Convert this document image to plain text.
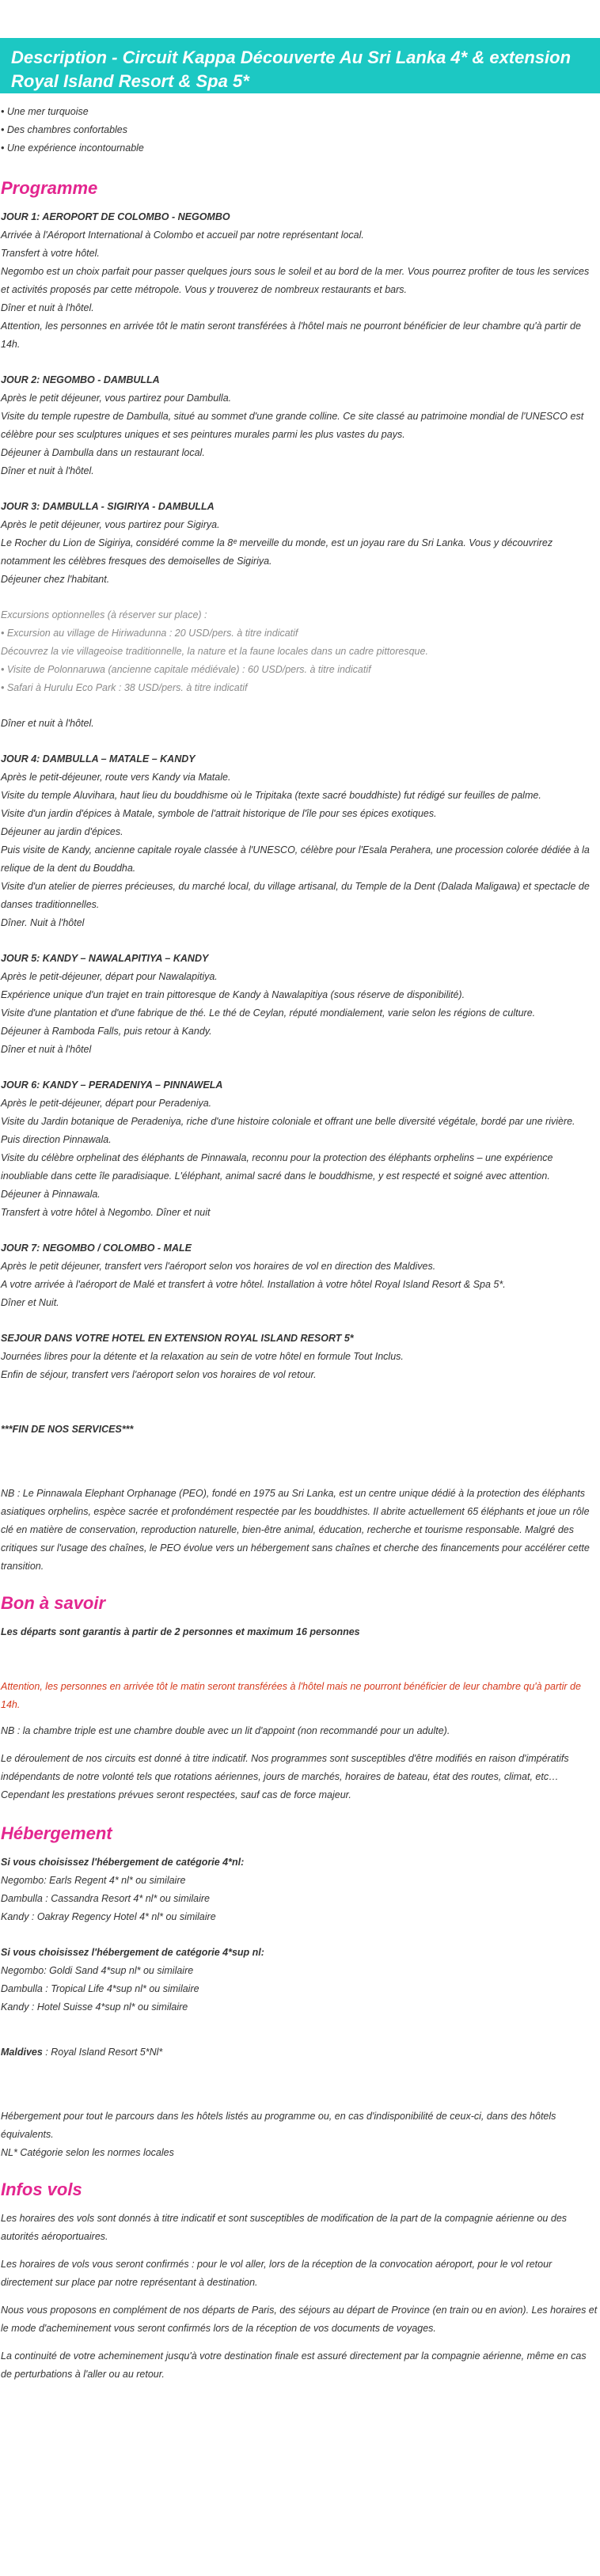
Description - Circuit Kappa Découverte Au Sri Lanka 4* & extension Royal Island Resort & Spa 5*
• Une mer turquoise
• Des chambres confortables
• Une expérience incontournable
Programme

JOUR 1: AEROPORT DE COLOMBO - NEGOMBO

Arrivée à l'Aéroport International à Colombo et accueil par notre représentant local.

Transfert à votre hôtel.

Negombo est un choix parfait pour passer quelques jours sous le soleil et au bord de la mer. Vous pourrez profiter de tous les services et activités proposés par cette métropole. Vous y trouverez de nombreux restaurants et bars.

Dîner et nuit à l'hôtel.

Attention, les personnes en arrivée tôt le matin seront transférées à l'hôtel mais ne pourront bénéficier de leur chambre qu'à partir de 14h.

JOUR 2: NEGOMBO - DAMBULLA

Après le petit déjeuner, vous partirez pour Dambulla.

Visite du temple rupestre de Dambulla, situé au sommet d'une grande colline. Ce site classé au patrimoine mondial de l'UNESCO est célèbre pour ses sculptures uniques et ses peintures murales parmi les plus vastes du pays.

Déjeuner à Dambulla dans un restaurant local.

Dîner et nuit à l'hôtel.

JOUR 3: DAMBULLA - SIGIRIYA - DAMBULLA

Après le petit déjeuner, vous partirez pour Sigirya.

Le Rocher du Lion de Sigiriya, considéré comme la 8ᵉ merveille du monde, est un joyau rare du Sri Lanka. Vous y découvrirez notamment les célèbres fresques des demoiselles de Sigiriya.

Déjeuner chez l'habitant.

Excursions optionnelles (à réserver sur place) :

• Excursion au village de Hiriwadunna : 20 USD/pers. à titre indicatif

Découvrez la vie villageoise traditionnelle, la nature et la faune locales dans un cadre pittoresque.

• Visite de Polonnaruwa (ancienne capitale médiévale) : 60 USD/pers. à titre indicatif

• Safari à Hurulu Eco Park : 38 USD/pers. à titre indicatif

Dîner et nuit à l'hôtel.

JOUR 4: DAMBULLA – MATALE – KANDY

Après le petit-déjeuner, route vers Kandy via Matale.

Visite du temple Aluvihara, haut lieu du bouddhisme où le Tripitaka (texte sacré bouddhiste) fut rédigé sur feuilles de palme.

Visite d'un jardin d'épices à Matale, symbole de l'attrait historique de l'île pour ses épices exotiques.

Déjeuner au jardin d'épices.

Puis visite de Kandy, ancienne capitale royale classée à l'UNESCO, célèbre pour l'Esala Perahera, une procession colorée dédiée à la relique de la dent du Bouddha.

Visite d'un atelier de pierres précieuses, du marché local, du village artisanal, du Temple de la Dent (Dalada Maligawa) et spectacle de danses traditionnelles.

Dîner. Nuit à l'hôtel

JOUR 5: KANDY – NAWALAPITIYA – KANDY

Après le petit-déjeuner, départ pour Nawalapitiya.

Expérience unique d'un trajet en train pittoresque de Kandy à Nawalapitiya (sous réserve de disponibilité).

Visite d'une plantation et d'une fabrique de thé. Le thé de Ceylan, réputé mondialement, varie selon les régions de culture.

Déjeuner à Ramboda Falls, puis retour à Kandy.

Dîner et nuit à l'hôtel

JOUR 6: KANDY – PERADENIYA – PINNAWELA

Après le petit-déjeuner, départ pour Peradeniya.

Visite du Jardin botanique de Peradeniya, riche d'une histoire coloniale et offrant une belle diversité végétale, bordé par une rivière.

Puis direction Pinnawala.

Visite du célèbre orphelinat des éléphants de Pinnawala, reconnu pour la protection des éléphants orphelins – une expérience inoubliable dans cette île paradisiaque. L'éléphant, animal sacré dans le bouddhisme, y est respecté et soigné avec attention.

Déjeuner à Pinnawala.

Transfert à votre hôtel à Negombo. Dîner et nuit

JOUR 7: NEGOMBO / COLOMBO - MALE

Après le petit déjeuner, transfert vers l'aéroport selon vos horaires de vol en direction des Maldives.

A votre arrivée à l'aéroport de Malé et transfert à votre hôtel. Installation à votre hôtel Royal Island Resort & Spa 5*.

Dîner et Nuit.

SEJOUR DANS VOTRE HOTEL EN EXTENSION ROYAL ISLAND RESORT 5*

Journées libres pour la détente et la relaxation au sein de votre hôtel en formule Tout Inclus.

Enfin de séjour, transfert vers l'aéroport selon vos horaires de vol retour.

***FIN DE NOS SERVICES***

NB : Le Pinnawala Elephant Orphanage (PEO), fondé en 1975 au Sri Lanka, est un centre unique dédié à la protection des éléphants asiatiques orphelins, espèce sacrée et profondément respectée par les bouddhistes. Il abrite actuellement 65 éléphants et joue un rôle clé en matière de conservation, reproduction naturelle, bien-être animal, éducation, recherche et tourisme responsable. Malgré des critiques sur l'usage des chaînes, le PEO évolue vers un hébergement sans chaînes et cherche des financements pour accélérer cette transition.

Bon à savoir

Les départs sont garantis à partir de 2 personnes et maximum 16 personnes

Attention, les personnes en arrivée tôt le matin seront transférées à l'hôtel mais ne pourront bénéficier de leur chambre qu'à partir de 14h.

NB : la chambre triple est une chambre double avec un lit d'appoint (non recommandé pour un adulte).

Le déroulement de nos circuits est donné à titre indicatif. Nos programmes sont susceptibles d'être modifiés en raison d'impératifs indépendants de notre volonté tels que rotations aériennes, jours de marchés, horaires de bateau, état des routes, climat, etc… Cependant les prestations prévues seront respectées, sauf cas de force majeur.

Hébergement

Si vous choisissez l'hébergement de catégorie 4*nl:

Negombo: Earls Regent 4* nl* ou similaire

Dambulla : Cassandra Resort 4* nl* ou similaire

Kandy : Oakray Regency Hotel 4* nl* ou similaire

Si vous choisissez l'hébergement de catégorie 4*sup nl:

Negombo: Goldi Sand 4*sup nl* ou similaire

Dambulla : Tropical Life 4*sup nl* ou similaire

Kandy : Hotel Suisse 4*sup nl* ou similaire

Maldives : Royal Island Resort 5*Nl*

Hébergement pour tout le parcours dans les hôtels listés au programme ou, en cas d'indisponibilité de ceux-ci, dans des hôtels équivalents.

NL* Catégorie selon les normes locales

Infos vols

Les horaires des vols sont donnés à titre indicatif et sont susceptibles de modification de la part de la compagnie aérienne ou des autorités aéroportuaires.

Les horaires de vols vous seront confirmés : pour le vol aller, lors de la réception de la convocation aéroport, pour le vol retour directement sur place par notre représentant à destination.

Nous vous proposons en complément de nos départs de Paris, des séjours au départ de Province (en train ou en avion). Les horaires et le mode d'acheminement vous seront confirmés lors de la réception de vos documents de voyages.

La continuité de votre acheminement jusqu'à votre destination finale est assuré directement par la compagnie aérienne, même en cas de perturbations à l'aller ou au retour.
